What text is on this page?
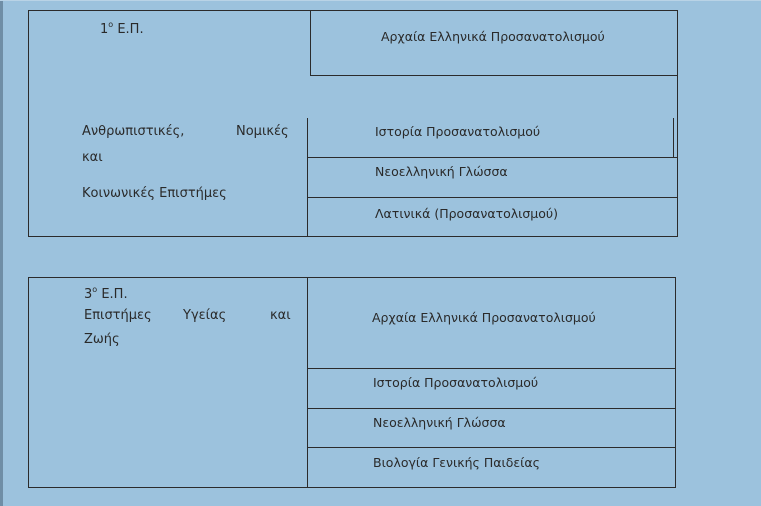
$1^o$ Ε.Π.
Ανθρωπιστικές,	Νομικές
και
Κοινωνικές Επιστήμες
Αρχαία Ελληνικά Προσανατολισμού
Ιστορία Προσανατολισμού
Νεοελληνική Γλώσσα
Λατινικά (Προσανατολισμού)
$3^o$ Ε.Π.
Επιστήμες Υγείας	και
Ζωής
Αρχαία Ελληνικά Προσανατολισμού
Ιστορία Προσανατολισμού
Νεοελληνική Γλώσσα
Βιολογία Γενικής Παιδείας
